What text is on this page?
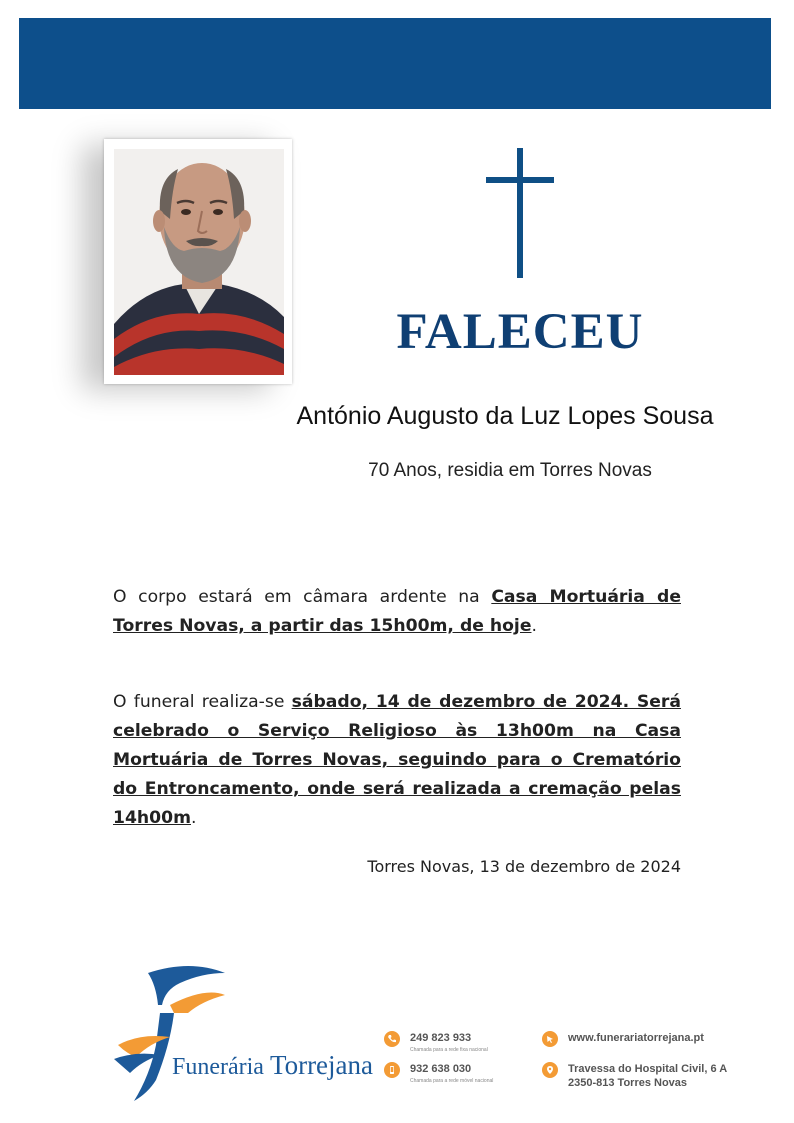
FALECEU
António Augusto da Luz Lopes Sousa
70 Anos, residia em Torres Novas
O corpo estará em câmara ardente na Casa Mortuária de Torres Novas, a partir das 15h00m, de hoje.
O funeral realiza-se sábado, 14 de dezembro de 2024. Será celebrado o Serviço Religioso às 13h00m na Casa Mortuária de Torres Novas, seguindo para o Crematório do Entroncamento, onde será realizada a cremação pelas 14h00m.
Torres Novas, 13 de dezembro de 2024
Funerária Torrejana
249 823 933
Chamada para a rede fixa nacional
932 638 030
Chamada para a rede móvel nacional
www.funerariatorrejana.pt
Travessa do Hospital Civil, 6 A
2350-813 Torres Novas
